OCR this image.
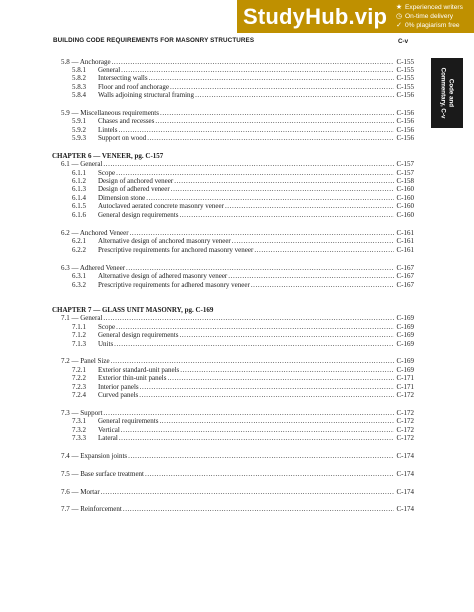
StudyHub.vip ★ Experienced writers
◷ On-time delivery
✓ 0% plagiarism free
BUILDING CODE REQUIREMENTS FOR MASONRY STRUCTURES	C-v
Code and
Commentary, C-v
5.8 — Anchorage .....	C-155
5.8.1	General .....	C-155
5.8.2	Intersecting walls .....	C-155
5.8.3	Floor and roof anchorage .....	C-155
5.8.4	Walls adjoining structural framing .....	C-156
5.9 — Miscellaneous requirements .....	C-156
5.9.1	Chases and recesses .....	C-156
5.9.2	Lintels .....	C-156
5.9.3	Support on wood .....	C-156
CHAPTER 6 — VENEER, pg. C-157
6.1 — General .....	C-157
6.1.1	Scope .....	C-157
6.1.2	Design of anchored veneer .....	C-158
6.1.3	Design of adhered veneer .....	C-160
6.1.4	Dimension stone .....	C-160
6.1.5	Autoclaved aerated concrete masonry veneer .....	C-160
6.1.6	General design requirements .....	C-160
6.2 — Anchored Veneer .....	C-161
6.2.1	Alternative design of anchored masonry veneer .....	C-161
6.2.2	Prescriptive requirements for anchored masonry veneer .....	C-161
6.3 — Adhered Veneer .....	C-167
6.3.1	Alternative design of adhered masonry veneer .....	C-167
6.3.2	Prescriptive requirements for adhered masonry veneer .....	C-167
CHAPTER 7 — GLASS UNIT MASONRY, pg. C-169
7.1 — General .....	C-169
7.1.1	Scope .....	C-169
7.1.2	General design requirements .....	C-169
7.1.3	Units .....	C-169
7.2 — Panel Size .....	C-169
7.2.1	Exterior standard-unit panels .....	C-169
7.2.2	Exterior thin-unit panels .....	C-171
7.2.3	Interior panels .....	C-171
7.2.4	Curved panels .....	C-172
7.3 — Support .....	C-172
7.3.1	General requirements .....	C-172
7.3.2	Vertical .....	C-172
7.3.3	Lateral .....	C-172
7.4 — Expansion joints .....	C-174
7.5 — Base surface treatment .....	C-174
7.6 — Mortar .....	C-174
7.7 — Reinforcement .....	C-174
